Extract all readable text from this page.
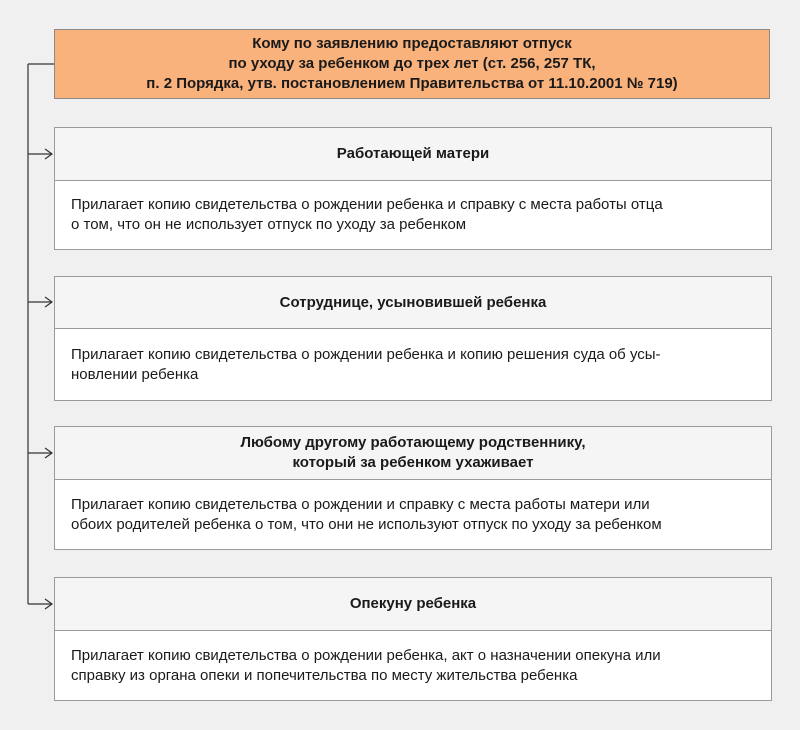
Кому по заявлению предоставляют отпуск
по уходу за ребенком до трех лет (ст. 256, 257 ТК,
п. 2 Порядка, утв. постановлением Правительства от 11.10.2001 № 719)
Работающей матери
Прилагает копию свидетельства о рождении ребенка и справку с места работы отца
о том, что он не использует отпуск по уходу за ребенком
Сотруднице, усыновившей ребенка
Прилагает копию свидетельства о рождении ребенка и копию решения суда об усы-
новлении ребенка
Любому другому работающему родственнику,
который за ребенком ухаживает
Прилагает копию свидетельства о рождении и справку с места работы матери или
обоих родителей ребенка о том, что они не используют отпуск по уходу за ребенком
Опекуну ребенка
Прилагает копию свидетельства о рождении ребенка, акт о назначении опекуна или
справку из органа опеки и попечительства по месту жительства ребенка
